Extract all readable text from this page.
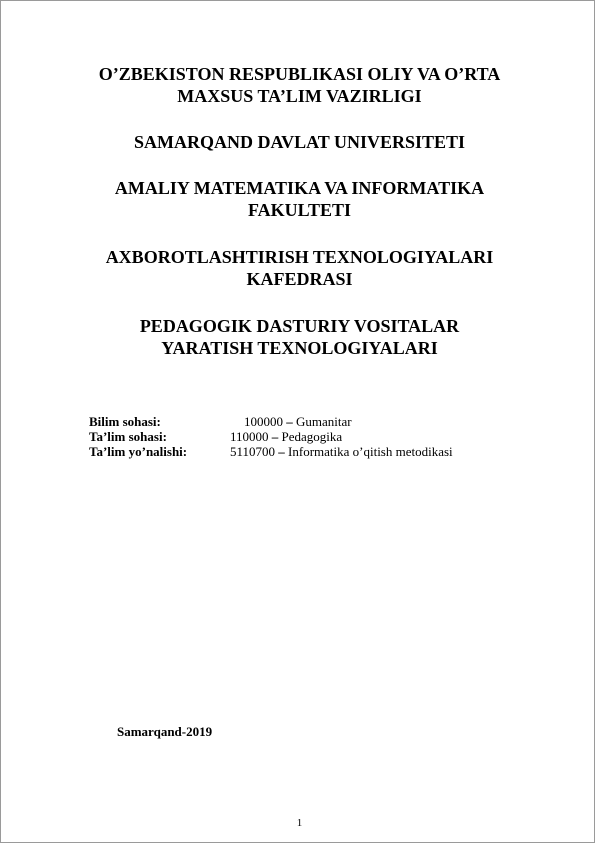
O’ZBEKISTON RESPUBLIKASI OLIY VA O’RTA
MAXSUS TA’LIM VAZIRLIGI
SAMARQAND DAVLAT UNIVERSITETI
AMALIY MATEMATIKA VA INFORMATIKA
FAKULTETI
AXBOROTLASHTIRISH TEXNOLOGIYALARI
KAFEDRASI
PEDAGOGIK DASTURIY VOSITALAR
YARATISH TEXNOLOGIYALARI
Bilim sohasi:	100000 – Gumanitar
Ta’lim sohasi:	110000 – Pedagogika
Ta’lim yo’nalishi:	5110700 – Informatika o’qitish metodikasi
Samarqand-2019
1
